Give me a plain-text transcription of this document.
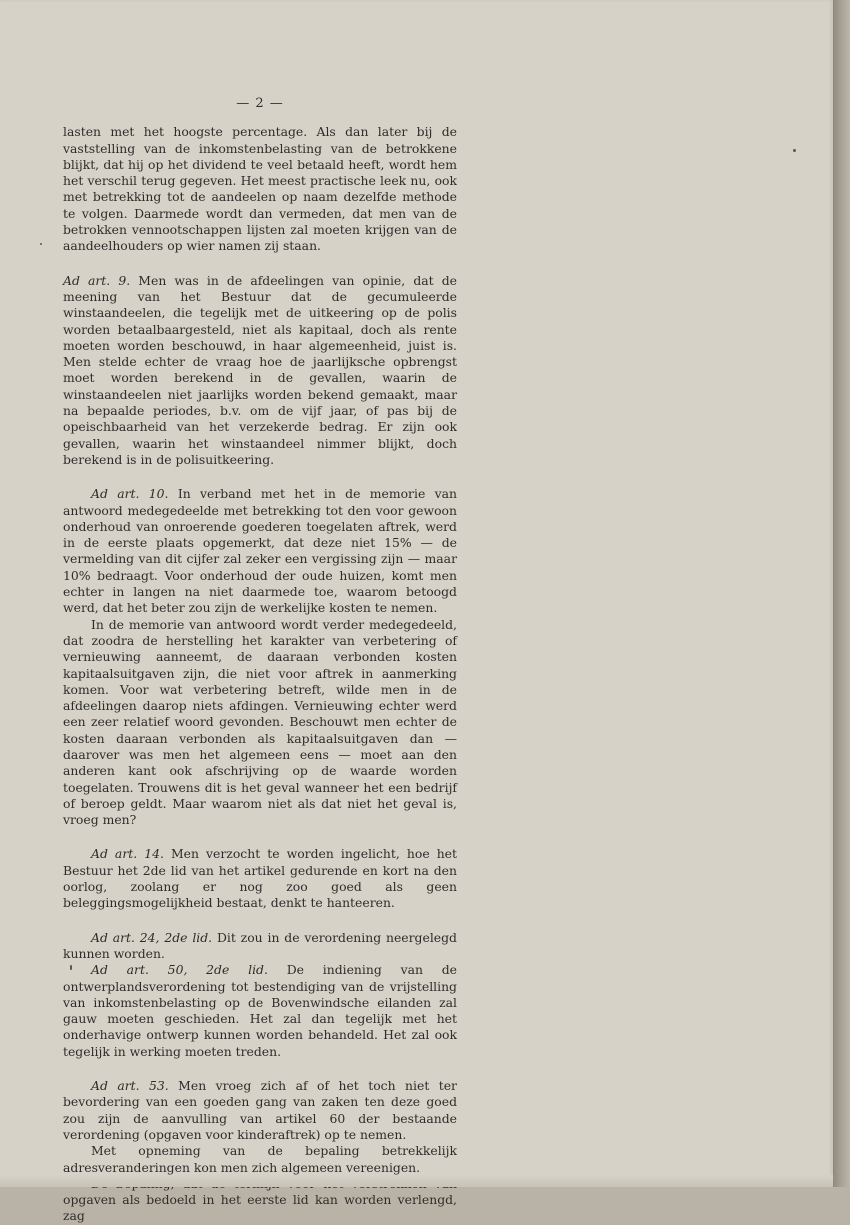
— 2 —

lasten met het hoogste percentage. Als dan later bij de vaststelling van de inkomstenbelasting van de betrokkene blijkt, dat hij op het dividend te veel betaald heeft, wordt hem het verschil terug gegeven. Het meest practische leek nu, ook met betrekking tot de aandeelen op naam dezelfde methode te volgen. Daarmede wordt dan vermeden, dat men van de betrokken vennootschappen lijsten zal moeten krijgen van de aandeelhouders op wier namen zij staan.

Ad art. 9. Men was in de afdeelingen van opinie, dat de meening van het Bestuur dat de gecumuleerde winstaandeelen, die tegelijk met de uitkeering op de polis worden betaalbaargesteld, niet als kapitaal, doch als rente moeten worden beschouwd, in haar algemeenheid, juist is. Men stelde echter de vraag hoe de jaarlijksche opbrengst moet worden berekend in de gevallen, waarin de winstaandeelen niet jaarlijks worden bekend gemaakt, maar na bepaalde periodes, b.v. om de vijf jaar, of pas bij de opeischbaarheid van het verzekerde bedrag. Er zijn ook gevallen, waarin het winstaandeel nimmer blijkt, doch berekend is in de polisuitkeering.

Ad art. 10. In verband met het in de memorie van antwoord medegedeelde met betrekking tot den voor gewoon onderhoud van onroerende goederen toegelaten aftrek, werd in de eerste plaats opgemerkt, dat deze niet 15% — de vermelding van dit cijfer zal zeker een vergissing zijn — maar 10% bedraagt. Voor onderhoud der oude huizen, komt men echter in langen na niet daarmede toe, waarom betoogd werd, dat het beter zou zijn de werkelijke kosten te nemen.

In de memorie van antwoord wordt verder medegedeeld, dat zoodra de herstelling het karakter van verbetering of vernieuwing aanneemt, de daaraan verbonden kosten kapitaalsuitgaven zijn, die niet voor aftrek in aanmerking komen. Voor wat verbetering betreft, wilde men in de afdeelingen daarop niets afdingen. Vernieuwing echter werd een zeer relatief woord gevonden. Beschouwt men echter de kosten daaraan verbonden als kapitaalsuitgaven dan — daarover was men het algemeen eens — moet aan den anderen kant ook afschrijving op de waarde worden toegelaten. Trouwens dit is het geval wanneer het een bedrijf of beroep geldt. Maar waarom niet als dat niet het geval is, vroeg men?

Ad art. 14. Men verzocht te worden ingelicht, hoe het Bestuur het 2de lid van het artikel gedurende en kort na den oorlog, zoolang er nog zoo goed als geen beleggingsmogelijkheid bestaat, denkt te hanteeren.

Ad art. 24, 2de lid. Dit zou in de verordening neergelegd kunnen worden.

Ad art. 50, 2de lid. De indiening van de ontwerplandsverordening tot bestendiging van de vrijstelling van inkomstenbelasting op de Bovenwindsche eilanden zal gauw moeten geschieden. Het zal dan tegelijk met het onderhavige ontwerp kunnen worden behandeld. Het zal ook tegelijk in werking moeten treden.

Ad art. 53. Men vroeg zich af of het toch niet ter bevordering van een goeden gang van zaken ten deze goed zou zijn de aanvulling van artikel 60 der bestaande verordening (opgaven voor kinderaftrek) op te nemen.

Met opneming van de bepaling betrekkelijk adresveranderingen kon men zich algemeen vereenigen.

opgaven als bedoeld in het eerste lid kan worden verlengd, zag
